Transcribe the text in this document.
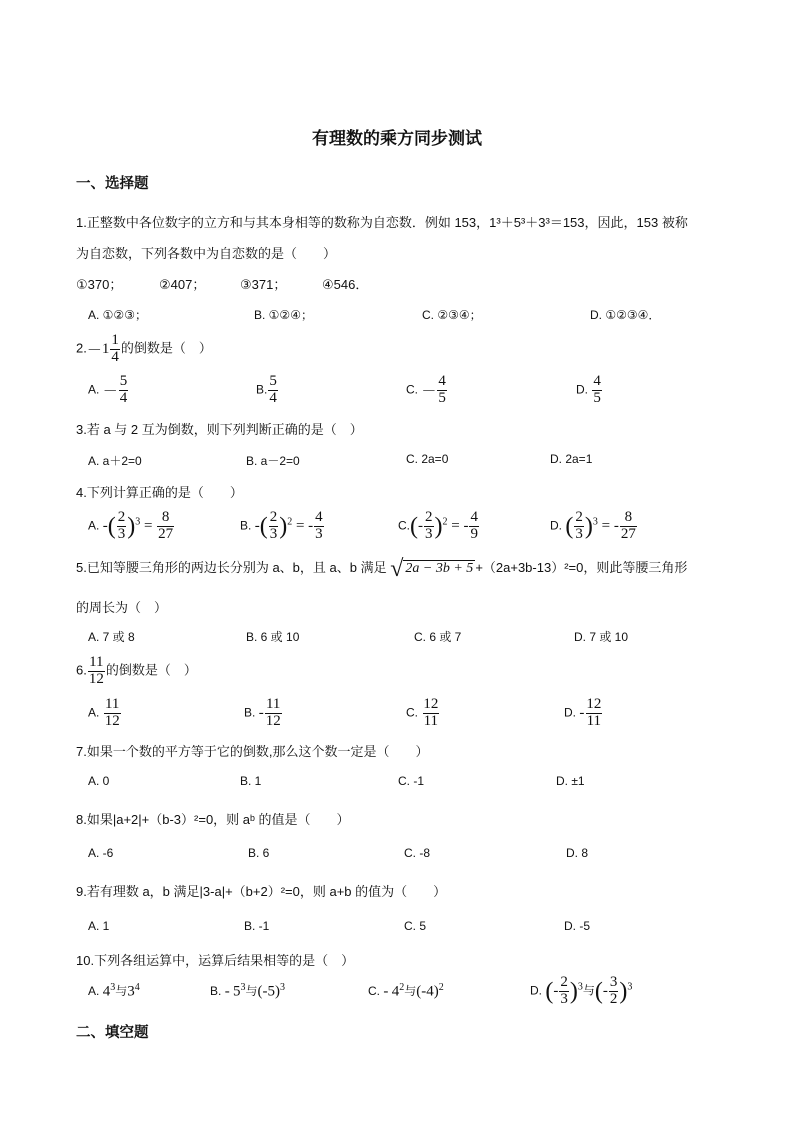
有理数的乘方同步测试
一、选择题
1.正整数中各位数字的立方和与其本身相等的数称为自恋数．例如 153，1³＋5³＋3³＝153，因此，153 被称
为自恋数，下列各数中为自恋数的是（　　）
①370；	②407；	③371；	④546．
A. ①②③；	B. ①②④；	C. ②③④；	D. ①②③④．
$2.-1 \frac{1}{4}$ 的倒数是（　）
A. － $\frac{5}{4}$	B. $\frac{5}{4}$	C. － $\frac{4}{5}$	D. $\frac{4}{5}$
3.若 a 与 2 互为倒数，则下列判断正确的是（　）
A. a＋2=0	B. a－2=0	C. 2a=0	D. 2a=1
4.下列计算正确的是（　　）
A. -( $\frac{2}{3} )^3 = \frac{8}{27}$	B. -( $\frac{2}{3} )^2$ = - $\frac{4}{3}$	$C.(- \frac{2}{3} )^2$ = - $\frac{4}{9}$	D. ( $\frac{2}{3} )^3$ = - $\frac{8}{27}$
5.已知等腰三角形的两边长分别为 a、b，且 a、b 满足 √ 2a − 3b + 5 +（2a+3b-13）²=0，则此等腰三角形
的周长为（　）
A. 7 或 8	B. 6 或 10	C. 6 或 7	D. 7 或 10
6. $\frac{11}{12}$ 的倒数是（　）
A. $\frac{11}{12}$	B. - $\frac{11}{12}$	C. $\frac{12}{11}$	D. - $\frac{12}{11}$
7.如果一个数的平方等于它的倒数,那么这个数一定是（　　）
A. 0	B. 1	C. -1	D. ±1
8.如果|a+2|+（b-3）²=0，则 aᵇ 的值是（　　）
A. -6	B. 6	C. -8	D. 8
9.若有理数 a，b 满足|3-a|+（b+2）²=0，则 a+b 的值为（　　）
A. 1	B. -1	C. 5	D. -5
10.下列各组运算中，运算后结果相等的是（　）
A. $4^3$与$3^4$	B. - $5^3$与$(-5)^3$	C. - $4^2$与$(-4)^2$	D. (- $\frac{2}{3} )^3$与(- $\frac{3}{2} )^3$
二、填空题
